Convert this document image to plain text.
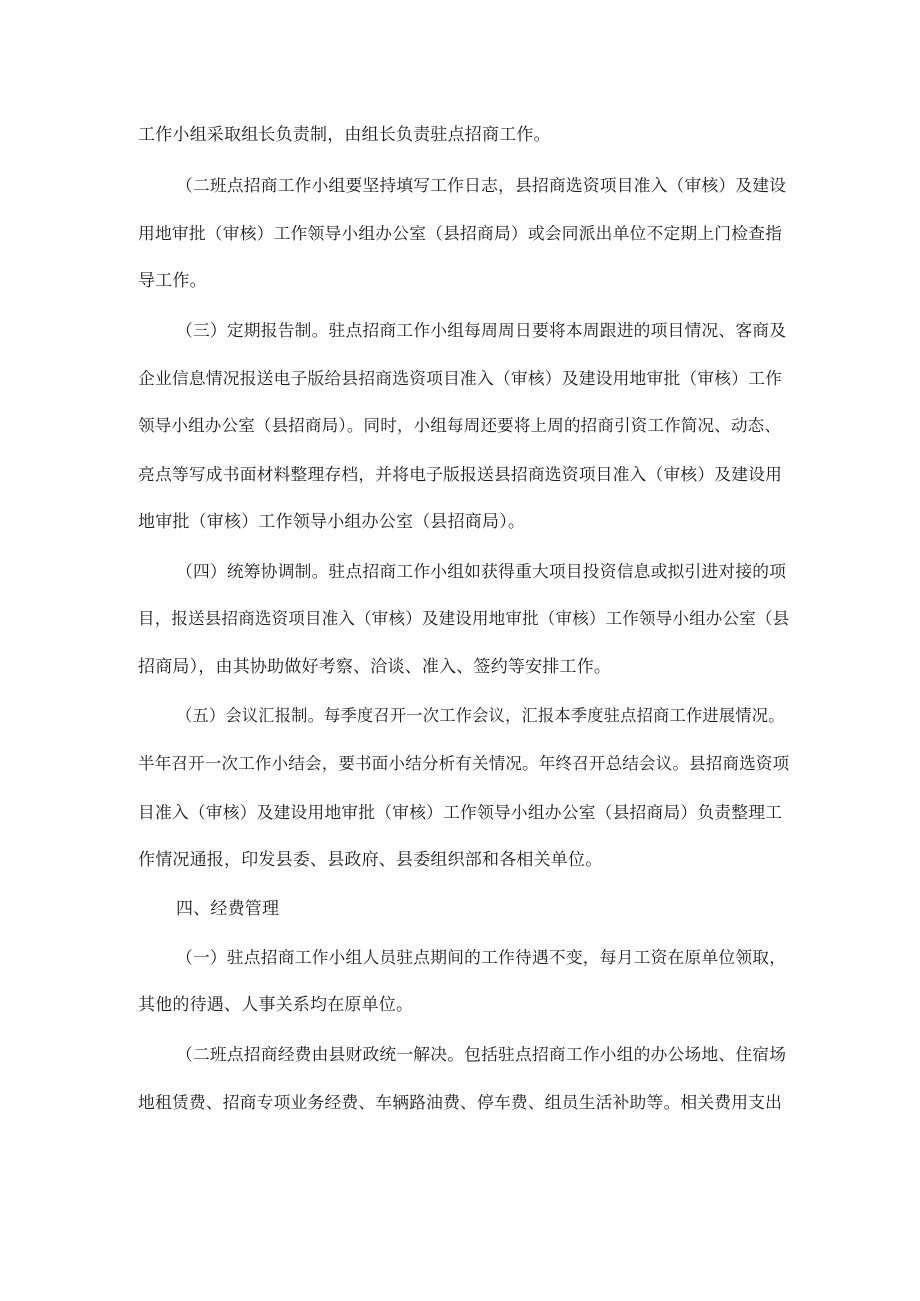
工作小组采取组长负责制，由组长负责驻点招商工作。
（二班点招商工作小组要坚持填写工作日志，县招商选资项目准入（审核）及建设
用地审批（审核）工作领导小组办公室（县招商局）或会同派出单位不定期上门检查指
导工作。
（三）定期报告制。驻点招商工作小组每周周日要将本周跟进的项目情况、客商及
企业信息情况报送电子版给县招商选资项目准入（审核）及建设用地审批（审核）工作
领导小组办公室（县招商局）。同时，小组每周还要将上周的招商引资工作简况、动态、
亮点等写成书面材料整理存档，并将电子版报送县招商选资项目准入（审核）及建设用
地审批（审核）工作领导小组办公室（县招商局）。
（四）统筹协调制。驻点招商工作小组如获得重大项目投资信息或拟引进对接的项
目，报送县招商选资项目准入（审核）及建设用地审批（审核）工作领导小组办公室（县
招商局），由其协助做好考察、洽谈、准入、签约等安排工作。
（五）会议汇报制。每季度召开一次工作会议，汇报本季度驻点招商工作进展情况。
半年召开一次工作小结会，要书面小结分析有关情况。年终召开总结会议。县招商选资项
目准入（审核）及建设用地审批（审核）工作领导小组办公室（县招商局）负责整理工
作情况通报，印发县委、县政府、县委组织部和各相关单位。
四、经费管理
（一）驻点招商工作小组人员驻点期间的工作待遇不变，每月工资在原单位领取，
其他的待遇、人事关系均在原单位。
（二班点招商经费由县财政统一解决。包括驻点招商工作小组的办公场地、住宿场
地租赁费、招商专项业务经费、车辆路油费、停车费、组员生活补助等。相关费用支出
